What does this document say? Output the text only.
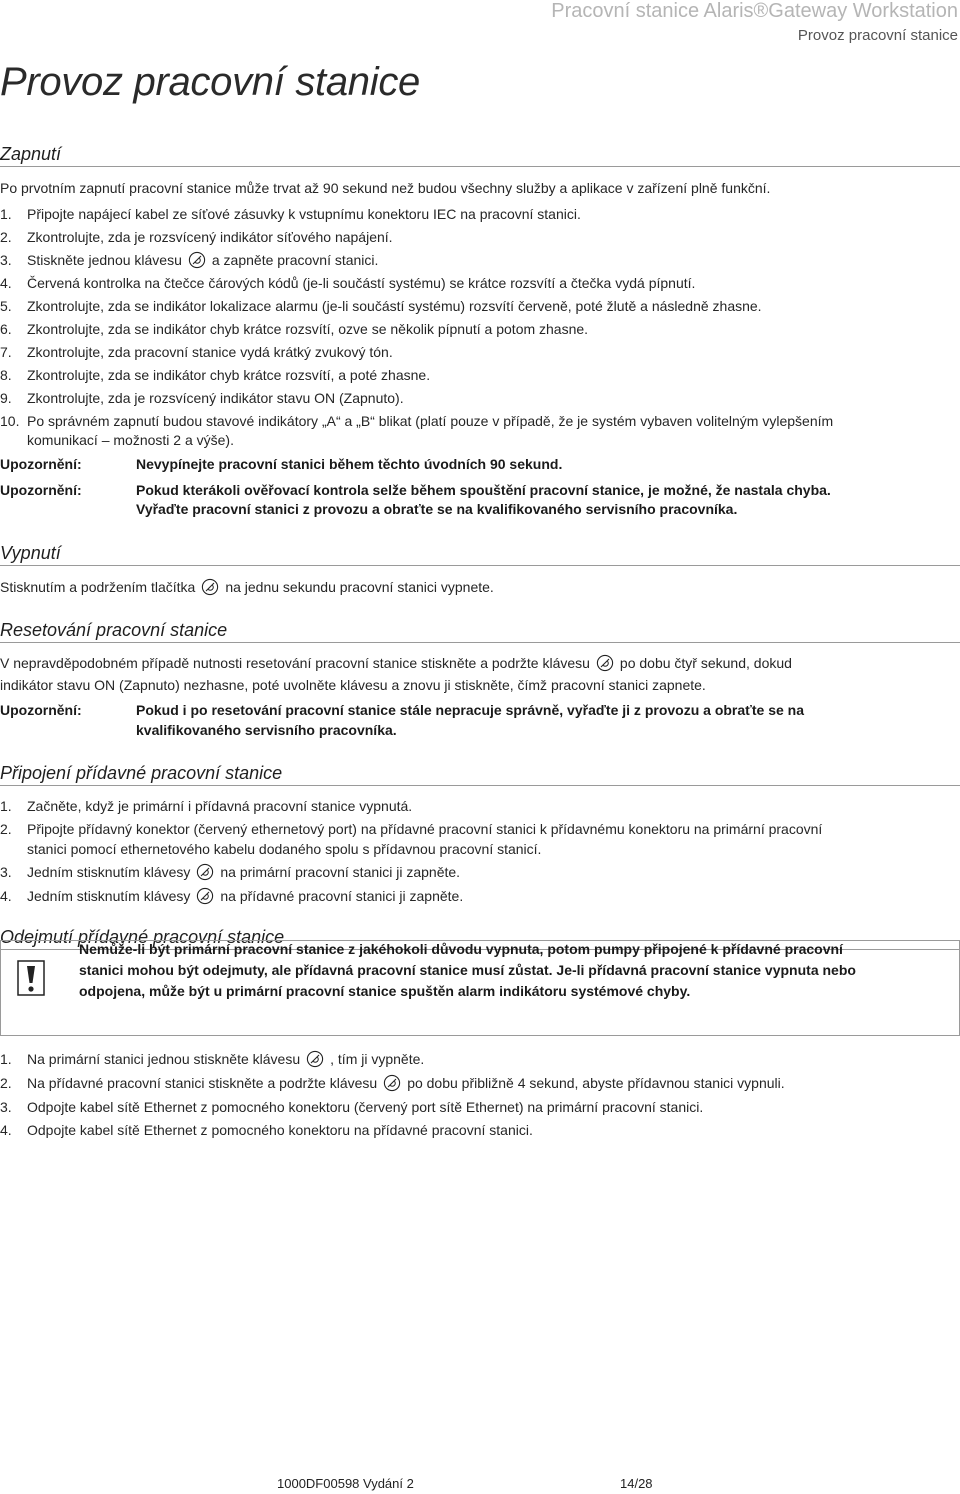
Pracovní stanice Alaris®Gateway Workstation
Provoz pracovní stanice
Provoz pracovní stanice
Zapnutí
Po prvotním zapnutí pracovní stanice může trvat až 90 sekund než budou všechny služby a aplikace v zařízení plně funkční.
1. Připojte napájecí kabel ze síťové zásuvky k vstupnímu konektoru IEC na pracovní stanici.
2. Zkontrolujte, zda je rozsvícený indikátor síťového napájení.
3. Stiskněte jednou klávesu a zapněte pracovní stanici.
4. Červená kontrolka na čtečce čárových kódů (je-li součástí systému) se krátce rozsvítí a čtečka vydá pípnutí.
5. Zkontrolujte, zda se indikátor lokalizace alarmu (je-li součástí systému) rozsvítí červeně, poté žlutě a následně zhasne.
6. Zkontrolujte, zda se indikátor chyb krátce rozsvítí, ozve se několik pípnutí a potom zhasne.
7. Zkontrolujte, zda pracovní stanice vydá krátký zvukový tón.
8. Zkontrolujte, zda se indikátor chyb krátce rozsvítí, a poté zhasne.
9. Zkontrolujte, zda je rozsvícený indikátor stavu ON (Zapnuto).
10. Po správném zapnutí budou stavové indikátory „A“ a „B“ blikat (platí pouze v případě, že je systém vybaven volitelným vylepšením
komunikací – možnosti 2 a výše).
Upozornění:	Nevypínejte pracovní stanici během těchto úvodních 90 sekund.
Upozornění:	Pokud kterákoli ověřovací kontrola selže během spouštění pracovní stanice, je možné, že nastala chyba.
Vyřaďte pracovní stanici z provozu a obraťte se na kvalifikovaného servisního pracovníka.
Vypnutí
Stisknutím a podržením tlačítka na jednu sekundu pracovní stanici vypnete.
Resetování pracovní stanice
V nepravděpodobném případě nutnosti resetování pracovní stanice stiskněte a podržte klávesu po dobu čtyř sekund, dokud
indikátor stavu ON (Zapnuto) nezhasne, poté uvolněte klávesu a znovu ji stiskněte, čímž pracovní stanici zapnete.
Upozornění:	Pokud i po resetování pracovní stanice stále nepracuje správně, vyřaďte ji z provozu a obraťte se na
kvalifikovaného servisního pracovníka.
Připojení přídavné pracovní stanice
1. Začněte, když je primární i přídavná pracovní stanice vypnutá.
2. Připojte přídavný konektor (červený ethernetový port) na přídavné pracovní stanici k přídavnému konektoru na primární pracovní
stanici pomocí ethernetového kabelu dodaného spolu s přídavnou pracovní stanicí.
3. Jedním stisknutím klávesy na primární pracovní stanici ji zapněte.
4. Jedním stisknutím klávesy na přídavné pracovní stanici ji zapněte.
Odejmutí přídavné pracovní stanice
Nemůže-li být primární pracovní stanice z jakéhokoli důvodu vypnuta, potom pumpy připojené k přídavné pracovní
stanici mohou být odejmuty, ale přídavná pracovní stanice musí zůstat. Je-li přídavná pracovní stanice vypnuta nebo
odpojena, může být u primární pracovní stanice spuštěn alarm indikátoru systémové chyby.
1. Na primární stanici jednou stiskněte klávesu , tím ji vypněte.
2. Na přídavné pracovní stanici stiskněte a podržte klávesu po dobu přibližně 4 sekund, abyste přídavnou stanici vypnuli.
3. Odpojte kabel sítě Ethernet z pomocného konektoru (červený port sítě Ethernet) na primární pracovní stanici.
4. Odpojte kabel sítě Ethernet z pomocného konektoru na přídavné pracovní stanici.
1000DF00598 Vydání 2	14/28
